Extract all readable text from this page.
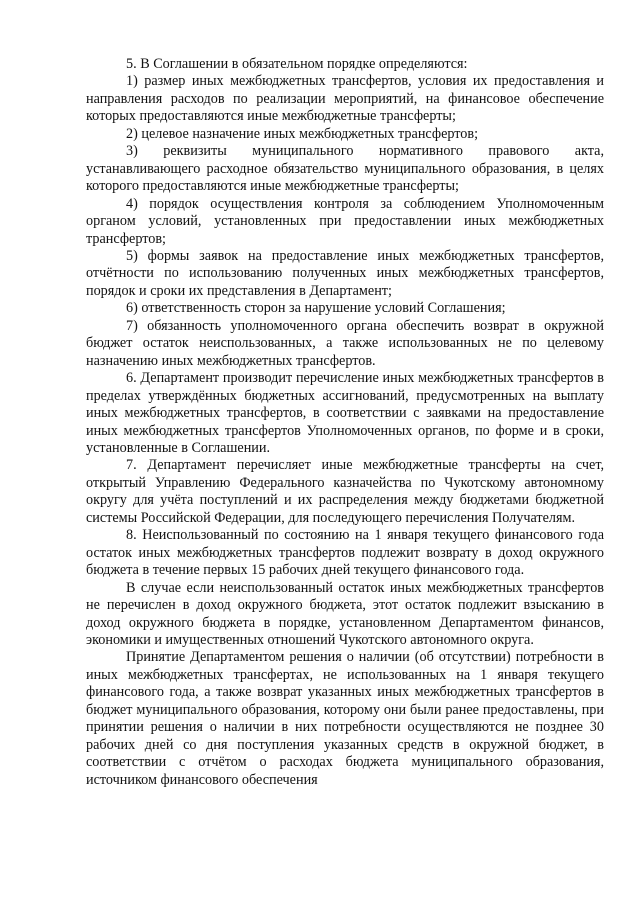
5. В Соглашении в обязательном порядке определяются:

1) размер иных межбюджетных трансфертов, условия их предоставления и направления расходов по реализации мероприятий, на финансовое обеспечение которых предоставляются иные межбюджетные трансферты;

2) целевое назначение иных межбюджетных трансфертов;

3) реквизиты муниципального нормативного правового акта, устанавливающего расходное обязательство муниципального образования, в целях которого предоставляются иные межбюджетные трансферты;

4) порядок осуществления контроля за соблюдением Уполномоченным органом условий, установленных при предоставлении иных межбюджетных трансфертов;

5) формы заявок на предоставление иных межбюджетных трансфертов, отчётности по использованию полученных иных межбюджетных трансфертов, порядок и сроки их представления в Департамент;

6) ответственность сторон за нарушение условий Соглашения;

7) обязанность уполномоченного органа обеспечить возврат в окружной бюджет остаток неиспользованных, а также использованных не по целевому назначению иных межбюджетных трансфертов.

6. Департамент производит перечисление иных межбюджетных трансфертов в пределах утверждённых бюджетных ассигнований, предусмотренных на выплату иных межбюджетных трансфертов, в соответствии с заявками на предоставление иных межбюджетных трансфертов Уполномоченных органов, по форме и в сроки, установленные в Соглашении.

7. Департамент перечисляет иные межбюджетные трансферты на счет, открытый Управлению Федерального казначейства по Чукотскому автономному округу для учёта поступлений и их распределения между бюджетами бюджетной системы Российской Федерации, для последующего перечисления Получателям.

8. Неиспользованный по состоянию на 1 января текущего финансового года остаток иных межбюджетных трансфертов подлежит возврату в доход окружного бюджета в течение первых 15 рабочих дней текущего финансового года.

В случае если неиспользованный остаток иных межбюджетных трансфертов не перечислен в доход окружного бюджета, этот остаток подлежит взысканию в доход окружного бюджета в порядке, установленном Департаментом финансов, экономики и имущественных отношений Чукотского автономного округа.

Принятие Департаментом решения о наличии (об отсутствии) потребности в иных межбюджетных трансфертах, не использованных на 1 января текущего финансового года, а также возврат указанных иных межбюджетных трансфертов в бюджет муниципального образования, которому они были ранее предоставлены, при принятии решения о наличии в них потребности осуществляются не позднее 30 рабочих дней со дня поступления указанных средств в окружной бюджет, в соответствии с отчётом о расходах бюджета муниципального образования, источником финансового обеспечения
